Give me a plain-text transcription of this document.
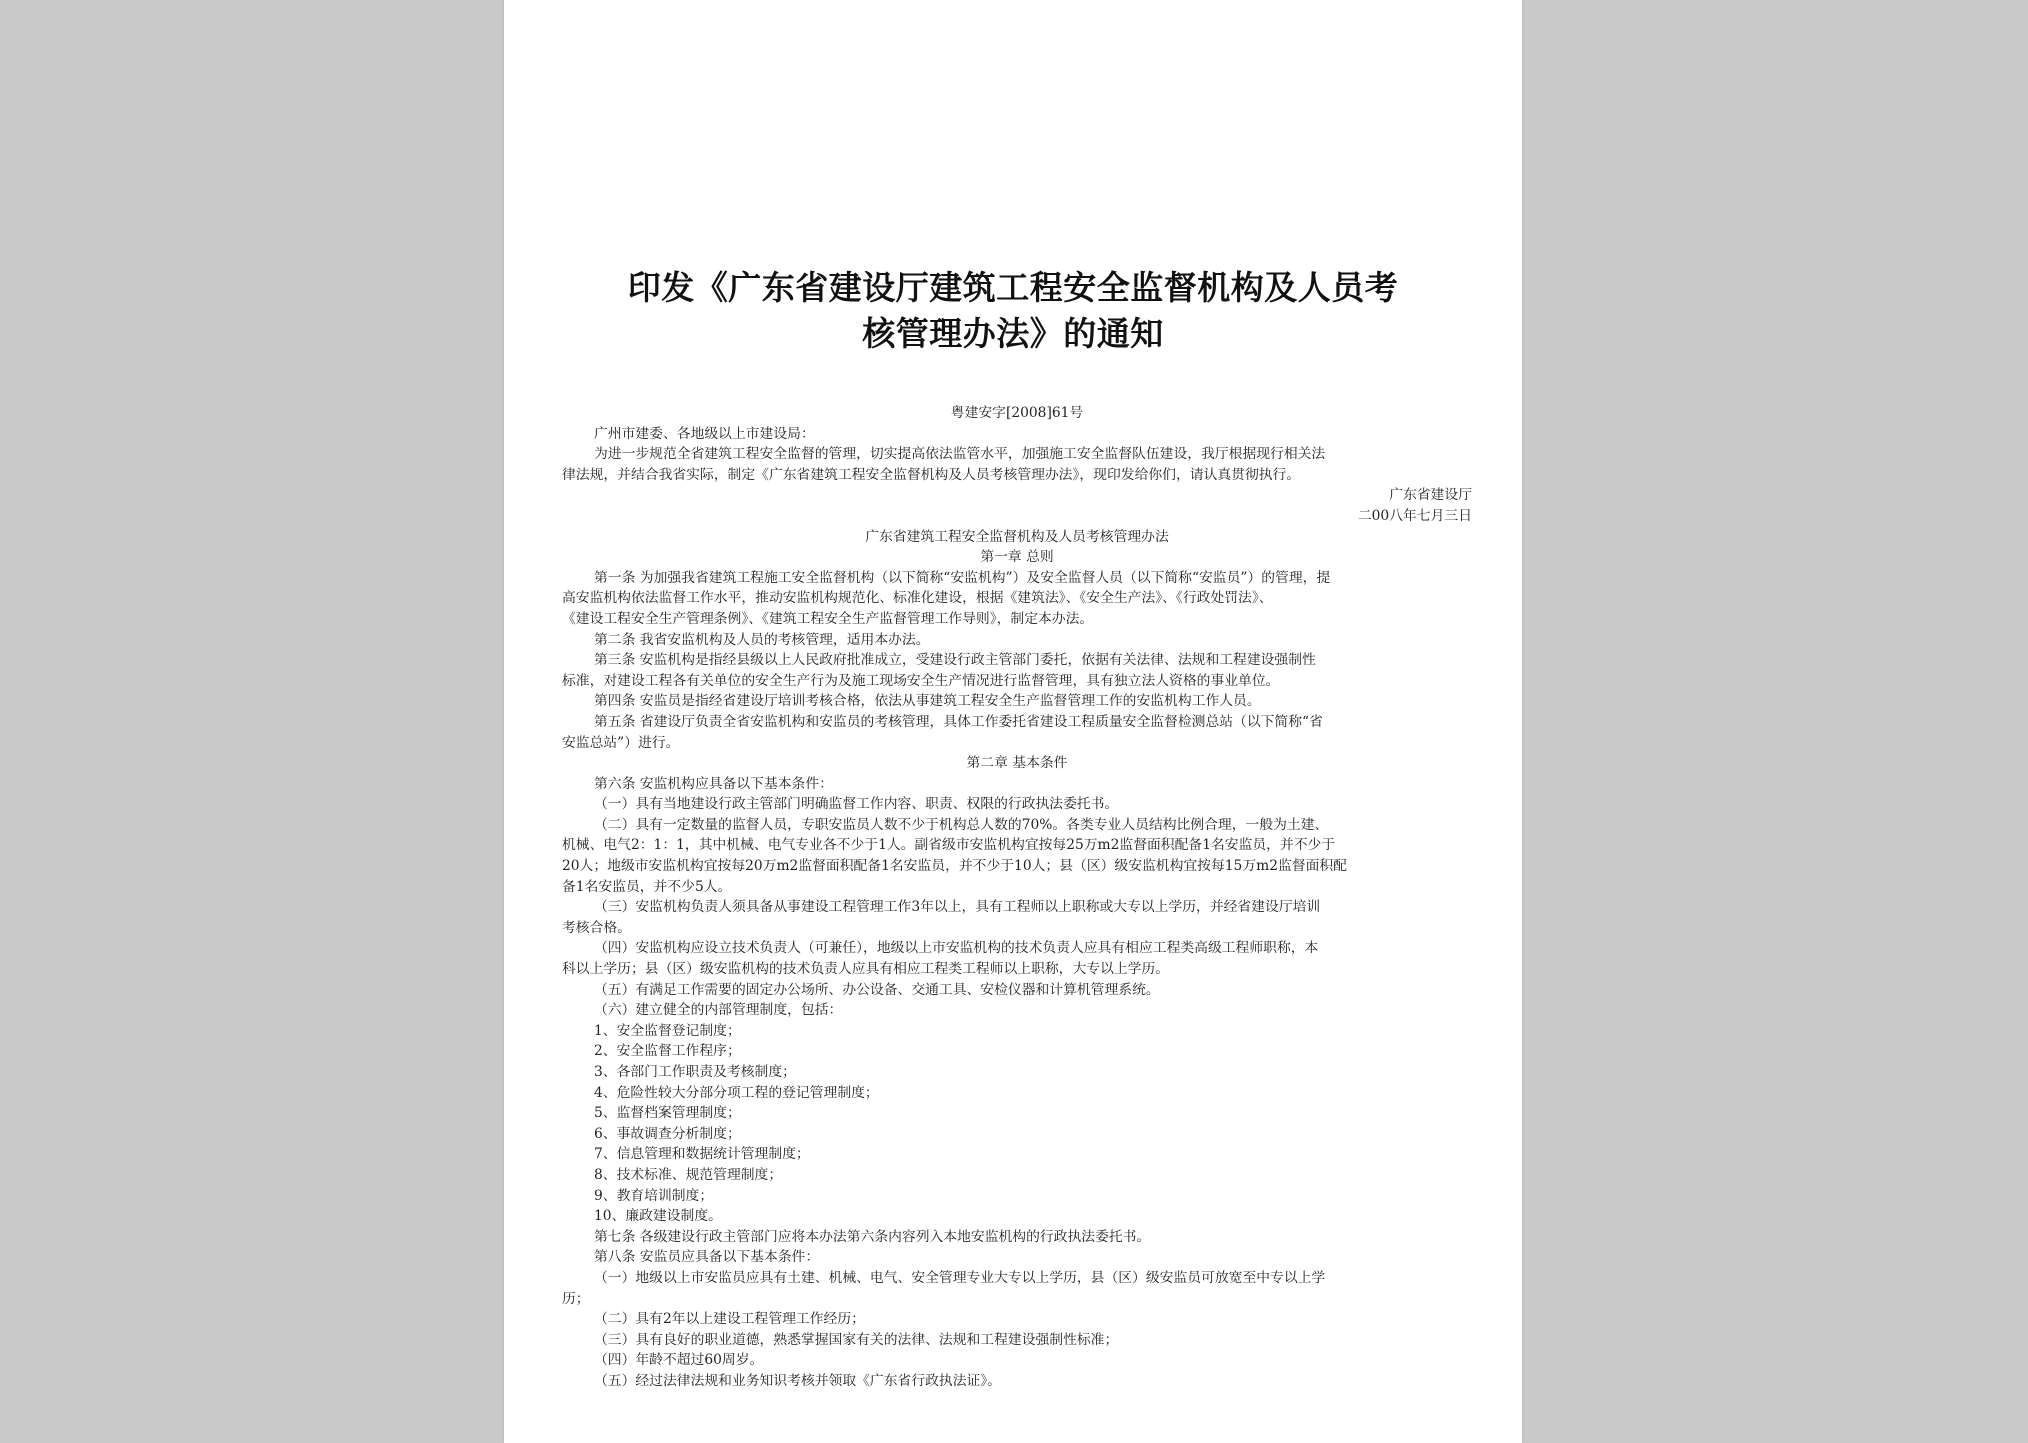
印发《广东省建设厅建筑工程安全监督机构及人员考
核管理办法》的通知
粤建安字[2008]61号
广州市建委、各地级以上市建设局：
为进一步规范全省建筑工程安全监督的管理，切实提高依法监管水平，加强施工安全监督队伍建设，我厅根据现行相关法
律法规，并结合我省实际，制定《广东省建筑工程安全监督机构及人员考核管理办法》，现印发给你们，请认真贯彻执行。
广东省建设厅
二00八年七月三日
广东省建筑工程安全监督机构及人员考核管理办法
第一章 总则
第一条 为加强我省建筑工程施工安全监督机构（以下简称“安监机构”）及安全监督人员（以下简称“安监员”）的管理，提
高安监机构依法监督工作水平，推动安监机构规范化、标准化建设，根据《建筑法》、《安全生产法》、《行政处罚法》、
《建设工程安全生产管理条例》、《建筑工程安全生产监督管理工作导则》，制定本办法。
第二条 我省安监机构及人员的考核管理，适用本办法。
第三条 安监机构是指经县级以上人民政府批准成立，受建设行政主管部门委托，依据有关法律、法规和工程建设强制性
标准，对建设工程各有关单位的安全生产行为及施工现场安全生产情况进行监督管理，具有独立法人资格的事业单位。
第四条 安监员是指经省建设厅培训考核合格，依法从事建筑工程安全生产监督管理工作的安监机构工作人员。
第五条 省建设厅负责全省安监机构和安监员的考核管理，具体工作委托省建设工程质量安全监督检测总站（以下简称“省
安监总站”）进行。
第二章 基本条件
第六条 安监机构应具备以下基本条件：
（一）具有当地建设行政主管部门明确监督工作内容、职责、权限的行政执法委托书。
（二）具有一定数量的监督人员，专职安监员人数不少于机构总人数的70%。各类专业人员结构比例合理，一般为土建、
机械、电气2：1：1，其中机械、电气专业各不少于1人。副省级市安监机构宜按每25万m2监督面积配备1名安监员，并不少于
20人；地级市安监机构宜按每20万m2监督面积配备1名安监员，并不少于10人；县（区）级安监机构宜按每15万m2监督面积配
备1名安监员，并不少5人。
（三）安监机构负责人须具备从事建设工程管理工作3年以上，具有工程师以上职称或大专以上学历，并经省建设厅培训
考核合格。
（四）安监机构应设立技术负责人（可兼任），地级以上市安监机构的技术负责人应具有相应工程类高级工程师职称，本
科以上学历；县（区）级安监机构的技术负责人应具有相应工程类工程师以上职称，大专以上学历。
（五）有满足工作需要的固定办公场所、办公设备、交通工具、安检仪器和计算机管理系统。
（六）建立健全的内部管理制度，包括：
1、安全监督登记制度；
2、安全监督工作程序；
3、各部门工作职责及考核制度；
4、危险性较大分部分项工程的登记管理制度；
5、监督档案管理制度；
6、事故调查分析制度；
7、信息管理和数据统计管理制度；
8、技术标准、规范管理制度；
9、教育培训制度；
10、廉政建设制度。
第七条 各级建设行政主管部门应将本办法第六条内容列入本地安监机构的行政执法委托书。
第八条 安监员应具备以下基本条件：
（一）地级以上市安监员应具有土建、机械、电气、安全管理专业大专以上学历，县（区）级安监员可放宽至中专以上学
历；
（二）具有2年以上建设工程管理工作经历；
（三）具有良好的职业道德，熟悉掌握国家有关的法律、法规和工程建设强制性标准；
（四）年龄不超过60周岁。
（五）经过法律法规和业务知识考核并领取《广东省行政执法证》。
